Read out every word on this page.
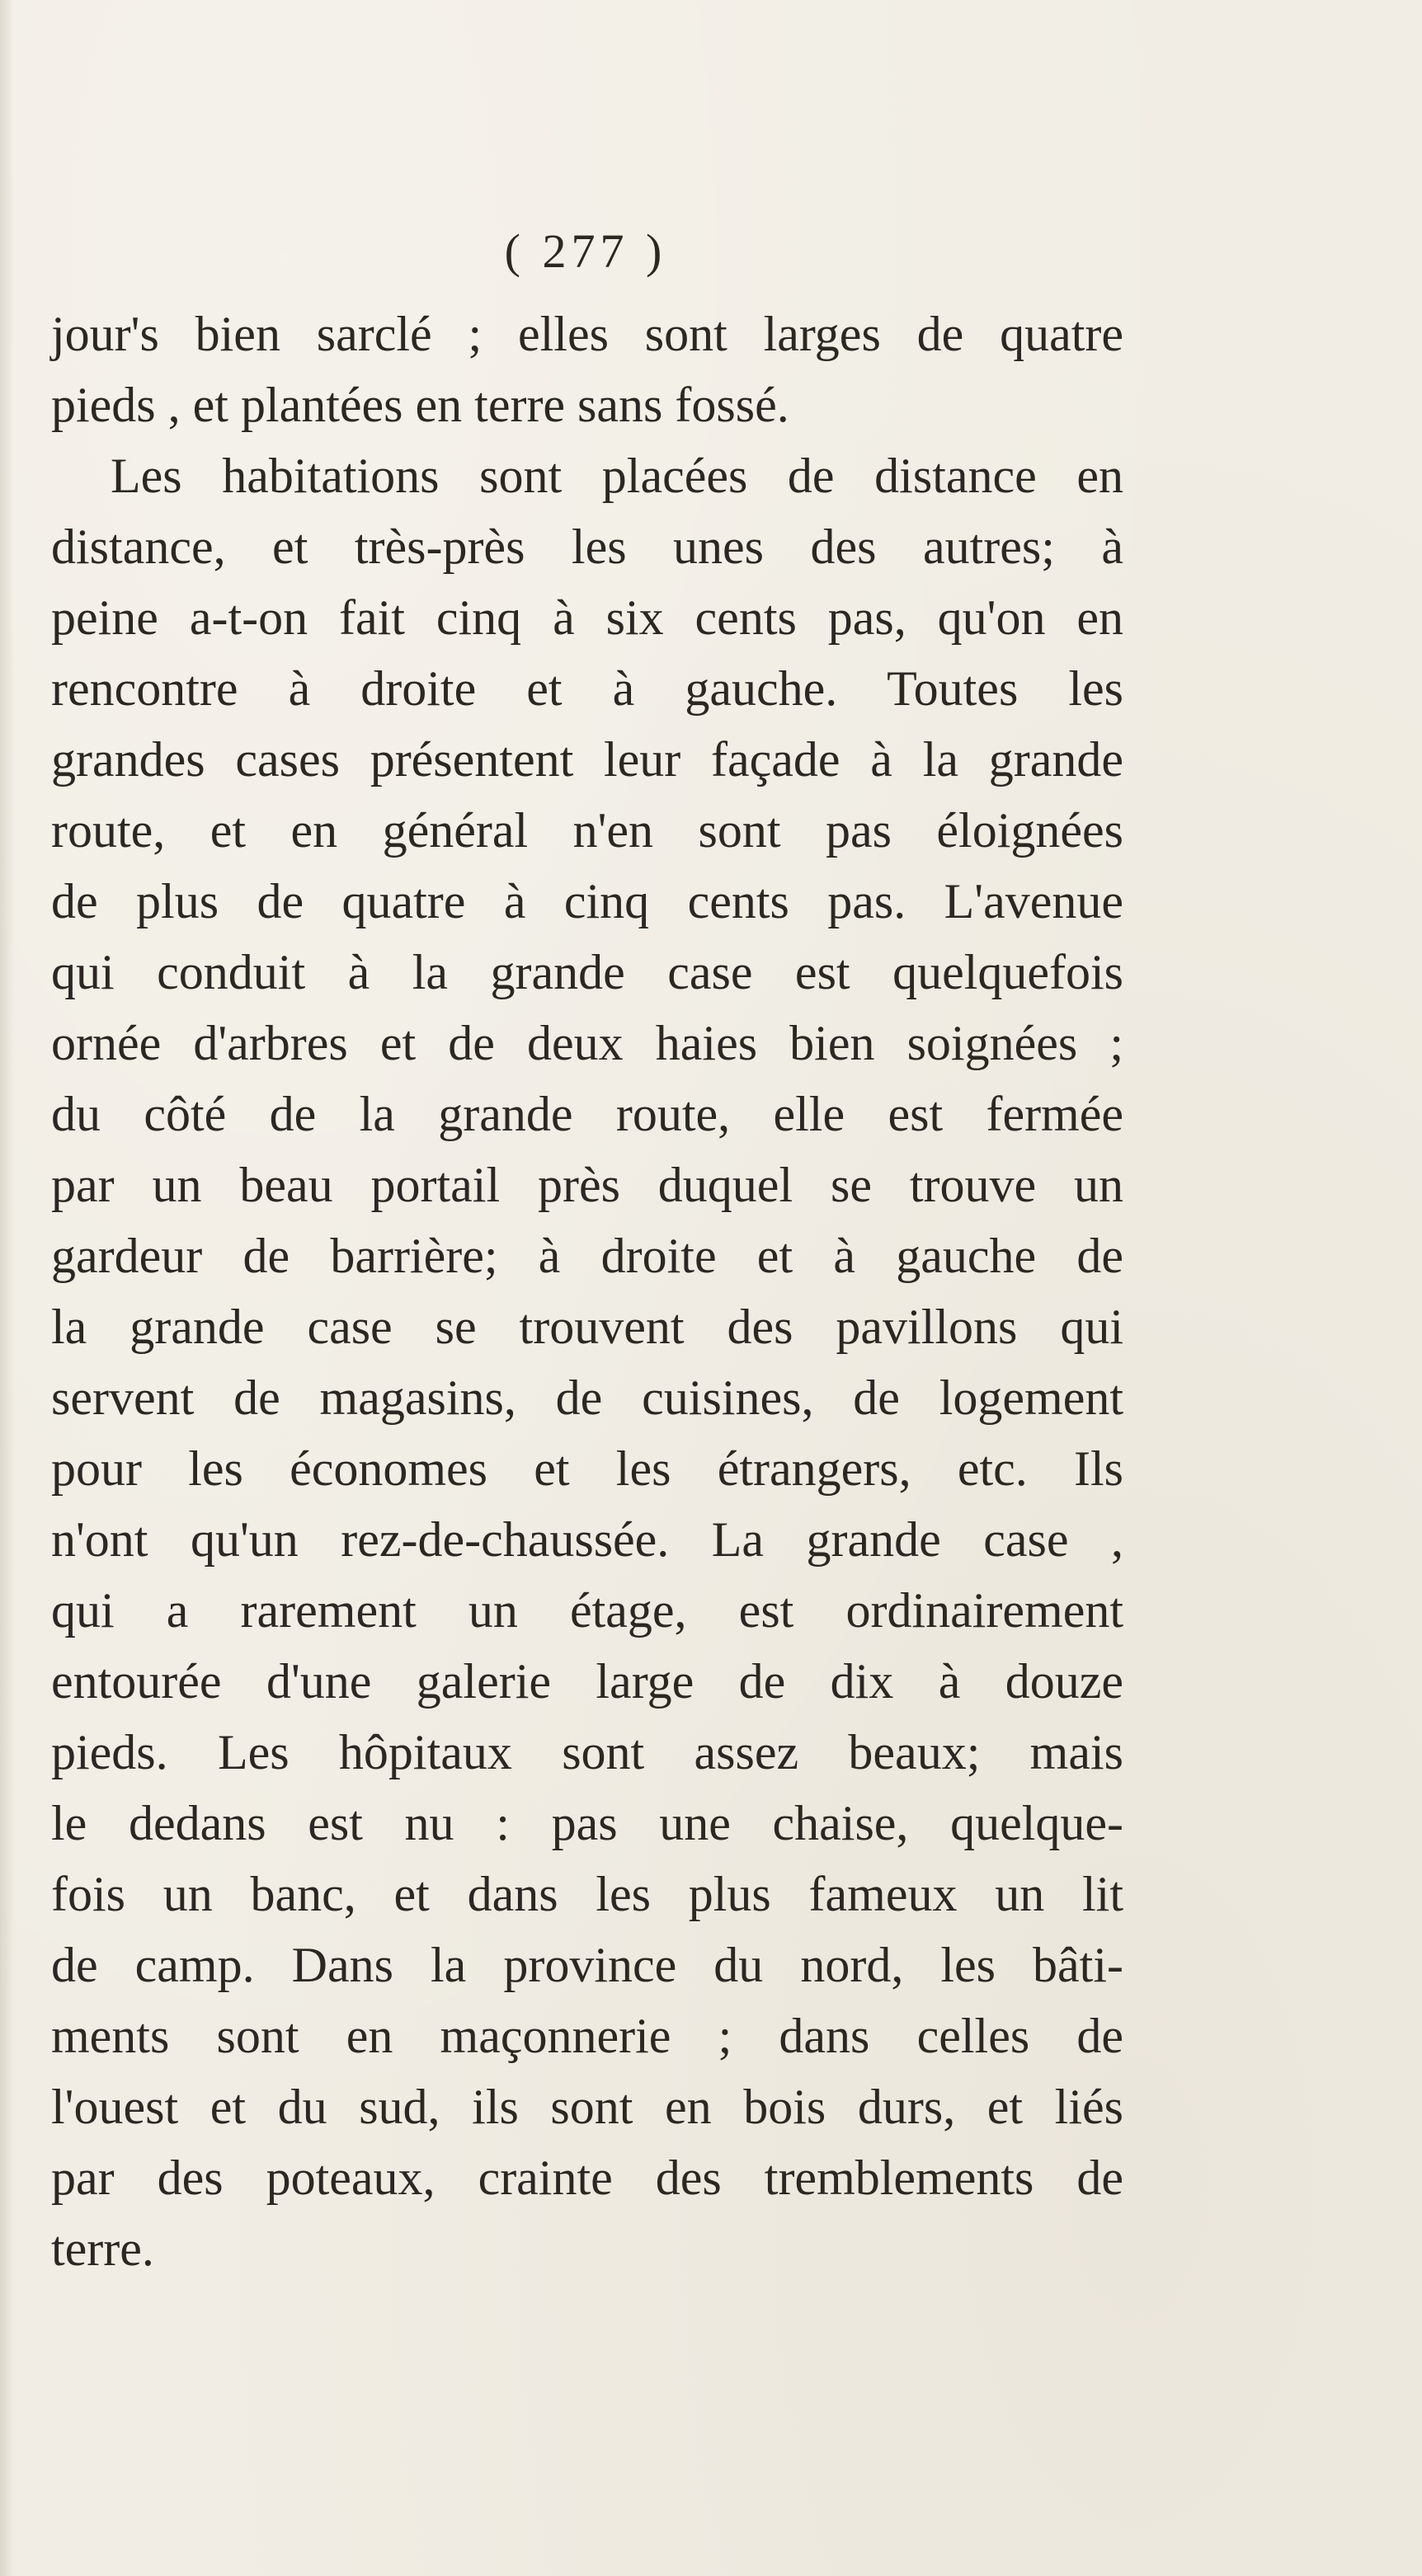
( 277 )
jour's bien sarclé ; elles sont larges de quatre
pieds , et plantées en terre sans fossé.
Les habitations sont placées de distance en
distance, et très-près les unes des autres; à
peine a-t-on fait cinq à six cents pas, qu'on en
rencontre à droite et à gauche. Toutes les
grandes cases présentent leur façade à la grande
route, et en général n'en sont pas éloignées
de plus de quatre à cinq cents pas. L'avenue
qui conduit à la grande case est quelquefois
ornée d'arbres et de deux haies bien soignées ;
du côté de la grande route, elle est fermée
par un beau portail près duquel se trouve un
gardeur de barrière; à droite et à gauche de
la grande case se trouvent des pavillons qui
servent de magasins, de cuisines, de logement
pour les économes et les étrangers, etc. Ils
n'ont qu'un rez-de-chaussée. La grande case ,
qui a rarement un étage, est ordinairement
entourée d'une galerie large de dix à douze
pieds. Les hôpitaux sont assez beaux; mais
le dedans est nu : pas une chaise, quelque-
fois un banc, et dans les plus fameux un lit
de camp. Dans la province du nord, les bâti-
ments sont en maçonnerie ; dans celles de
l'ouest et du sud, ils sont en bois durs, et liés
par des poteaux, crainte des tremblements de
terre.
